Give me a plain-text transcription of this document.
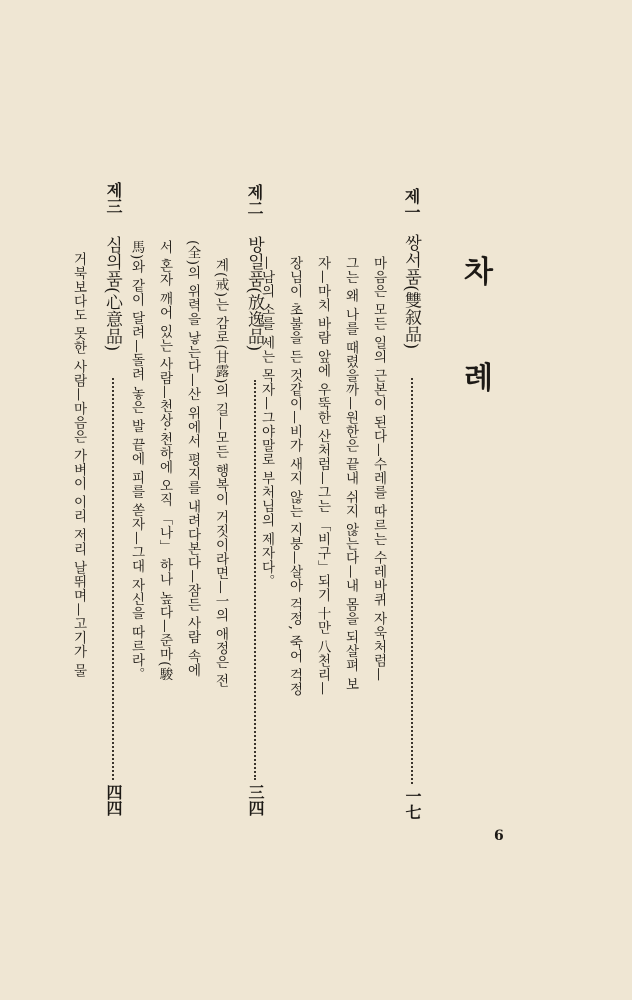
차
례
제一
쌍서품(雙叙品)
一七
마음은 모든 일의 근본이 된다—수레를 따르는 수레바퀴 자욱처럼—
그는 왜 나를 때렸을까—원한은 끝내 쉬지 않는다—내 몸을 되살펴 보
자—마치 바람 앞에 우뚝한 산처럼—그는 「비구」되기 十만 八천리—
장님이 초불을 든 것같이—비가 새지 않는 지붕—살아 걱정, 죽어 걱정
—남의 소를 세는 목자—그야말로 부처님의 제자다。
제二
방일품(放逸品)
三四
계(戒)는 감로(甘露)의 길—모든 행복이 거짓이라면—一의 애정은 전
(全)의 위력을 낳는다—산 위에서 평지를 내려다본다—잠든 사람 속에
서 혼자 깨어 있는 사람—천상·천하에 오직 「나」 하나 높다—준마(駿
馬)와 같이 달려—돌려 놓은 발 끝에 피를 쏟자—그대 자신을 따르라。
제三
심의품(心意品)
四四
거북보다도 못한 사람—마음은 가벼이 이리 저리 날뛰며—고기가 물
6
